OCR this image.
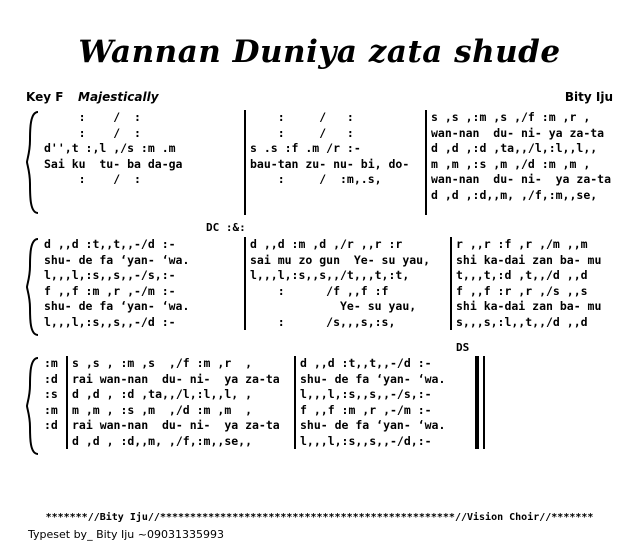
Wannan Duniya zata shude
Key F Majestically	Bity Iju
:    /  :
:    /  :
d'',t :,l ,/s :m .m
Sai ku  tu- ba da-ga
:    /  :
:     /   :
:     /   :
s .s :f .m /r :-
bau-tan zu- nu- bi, do-
:     /  :m,.s,
s ,s ,:m ,s ,/f :m ,r ,
wan-nan  du- ni- ya za-ta
d ,d ,:d ,ta,,/l,:l,,l,,
m ,m ,:s ,m ,/d :m ,m ,
wan-nan  du- ni-  ya za-ta
d ,d ,:d,,m, ,/f,:m,,se,
DC :&:
d ,,d :t,,t,,-/d :-
shu- de fa ‘yan- ‘wa.
l,,,l,:s,,s,,-/s,:-
f ,,f :m ,r ,-/m :-
shu- de fa ‘yan- ‘wa.
l,,,l,:s,,s,,-/d :-
d ,,d :m ,d ,/r ,,r :r
sai mu zo gun  Ye- su yau,
l,,,l,:s,,s,,/t,,,t,:t,
:      /f ,,f :f
Ye- su yau,
:      /s,,,s,:s,
r ,,r :f ,r ,/m ,,m
shi ka-dai zan ba- mu
t,,,t,:d ,t,,/d ,,d
f ,,f :r ,r ,/s ,,s
shi ka-dai zan ba- mu
s,,,s,:l,,t,,/d ,,d
DS
:m
:d
:s
:m
:d
s ,s , :m ,s  ,/f :m ,r  ,
rai wan-nan  du- ni-  ya za-ta
d ,d , :d ,ta,,/l,:l,,l, ,
m ,m , :s ,m  ,/d :m ,m  ,
rai wan-nan  du- ni-  ya za-ta
d ,d , :d,,m, ,/f,:m,,se,,
d ,,d :t,,t,,-/d :-
shu- de fa ‘yan- ‘wa.
l,,,l,:s,,s,,-/s,:-
f ,,f :m ,r ,-/m :-
shu- de fa ‘yan- ‘wa.
l,,,l,:s,,s,,-/d,:-
*******//Bity Iju//*************************************************//Vision Choir//*******
Typeset by_ Bity Iju ~09031335993
